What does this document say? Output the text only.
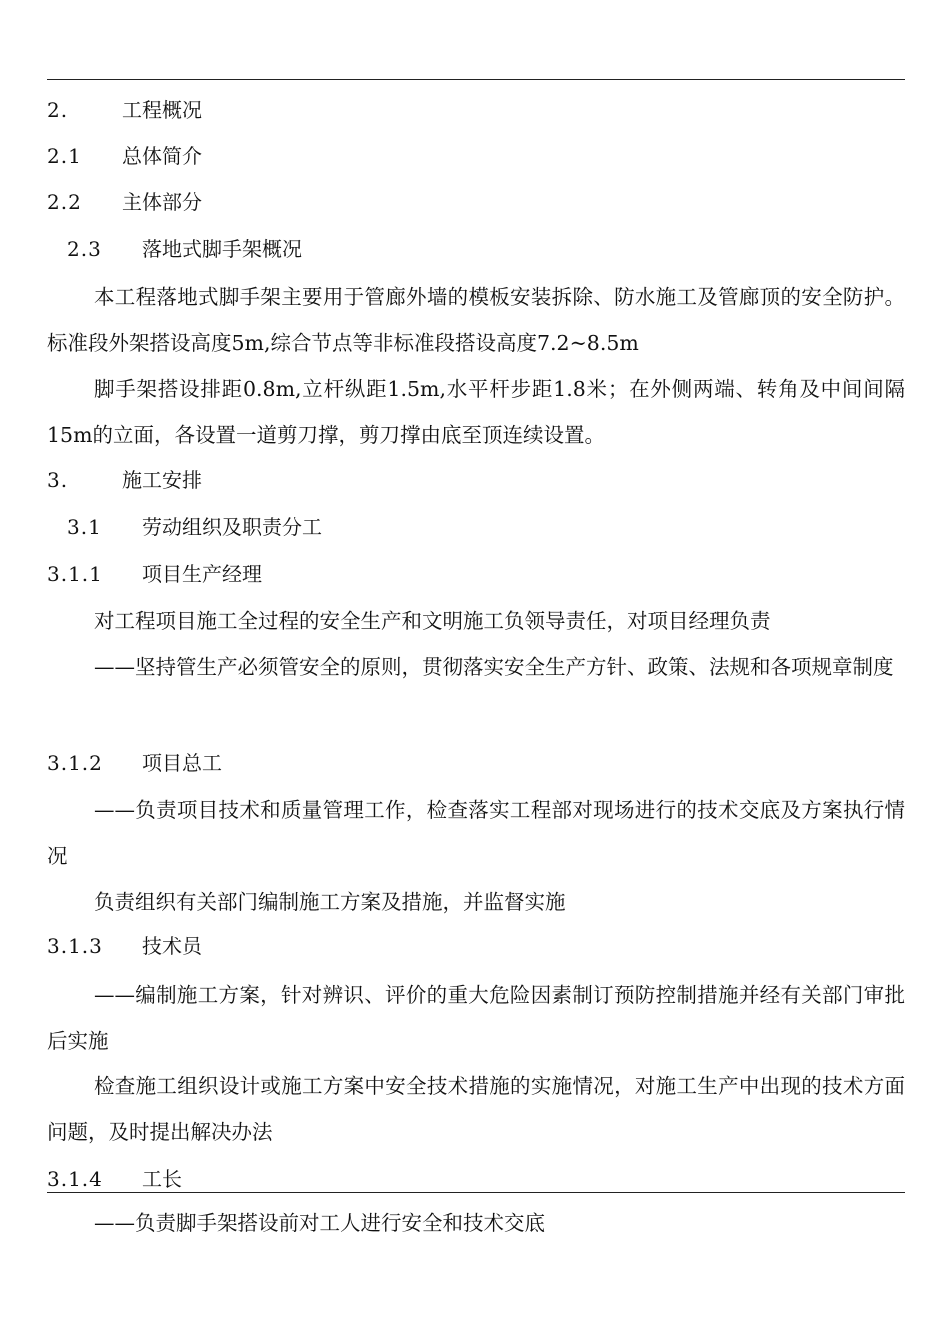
2.	工程概况
2.1 总体简介
2.2 主体部分
2.3 落地式脚手架概况
本工程落地式脚手架主要用于管廊外墙的模板安装拆除、防水施工及管廊顶的安全防护。标准段外架搭设高度5m,综合节点等非标准段搭设高度7.2~8.5m
脚手架搭设排距0.8m,立杆纵距1.5m,水平杆步距1.8米；在外侧两端、转角及中间间隔15m的立面，各设置一道剪刀撑，剪刀撑由底至顶连续设置。
3.	施工安排
3.1 劳动组织及职责分工
3.1.1 项目生产经理
对工程项目施工全过程的安全生产和文明施工负领导责任，对项目经理负责
——坚持管生产必须管安全的原则，贯彻落实安全生产方针、政策、法规和各项规章制度
3.1.2 项目总工
——负责项目技术和质量管理工作，检查落实工程部对现场进行的技术交底及方案执行情况
负责组织有关部门编制施工方案及措施，并监督实施
3.1.3 技术员
——编制施工方案，针对辨识、评价的重大危险因素制订预防控制措施并经有关部门审批后实施
检查施工组织设计或施工方案中安全技术措施的实施情况，对施工生产中出现的技术方面问题，及时提出解决办法
3.1.4 工长
——负责脚手架搭设前对工人进行安全和技术交底
